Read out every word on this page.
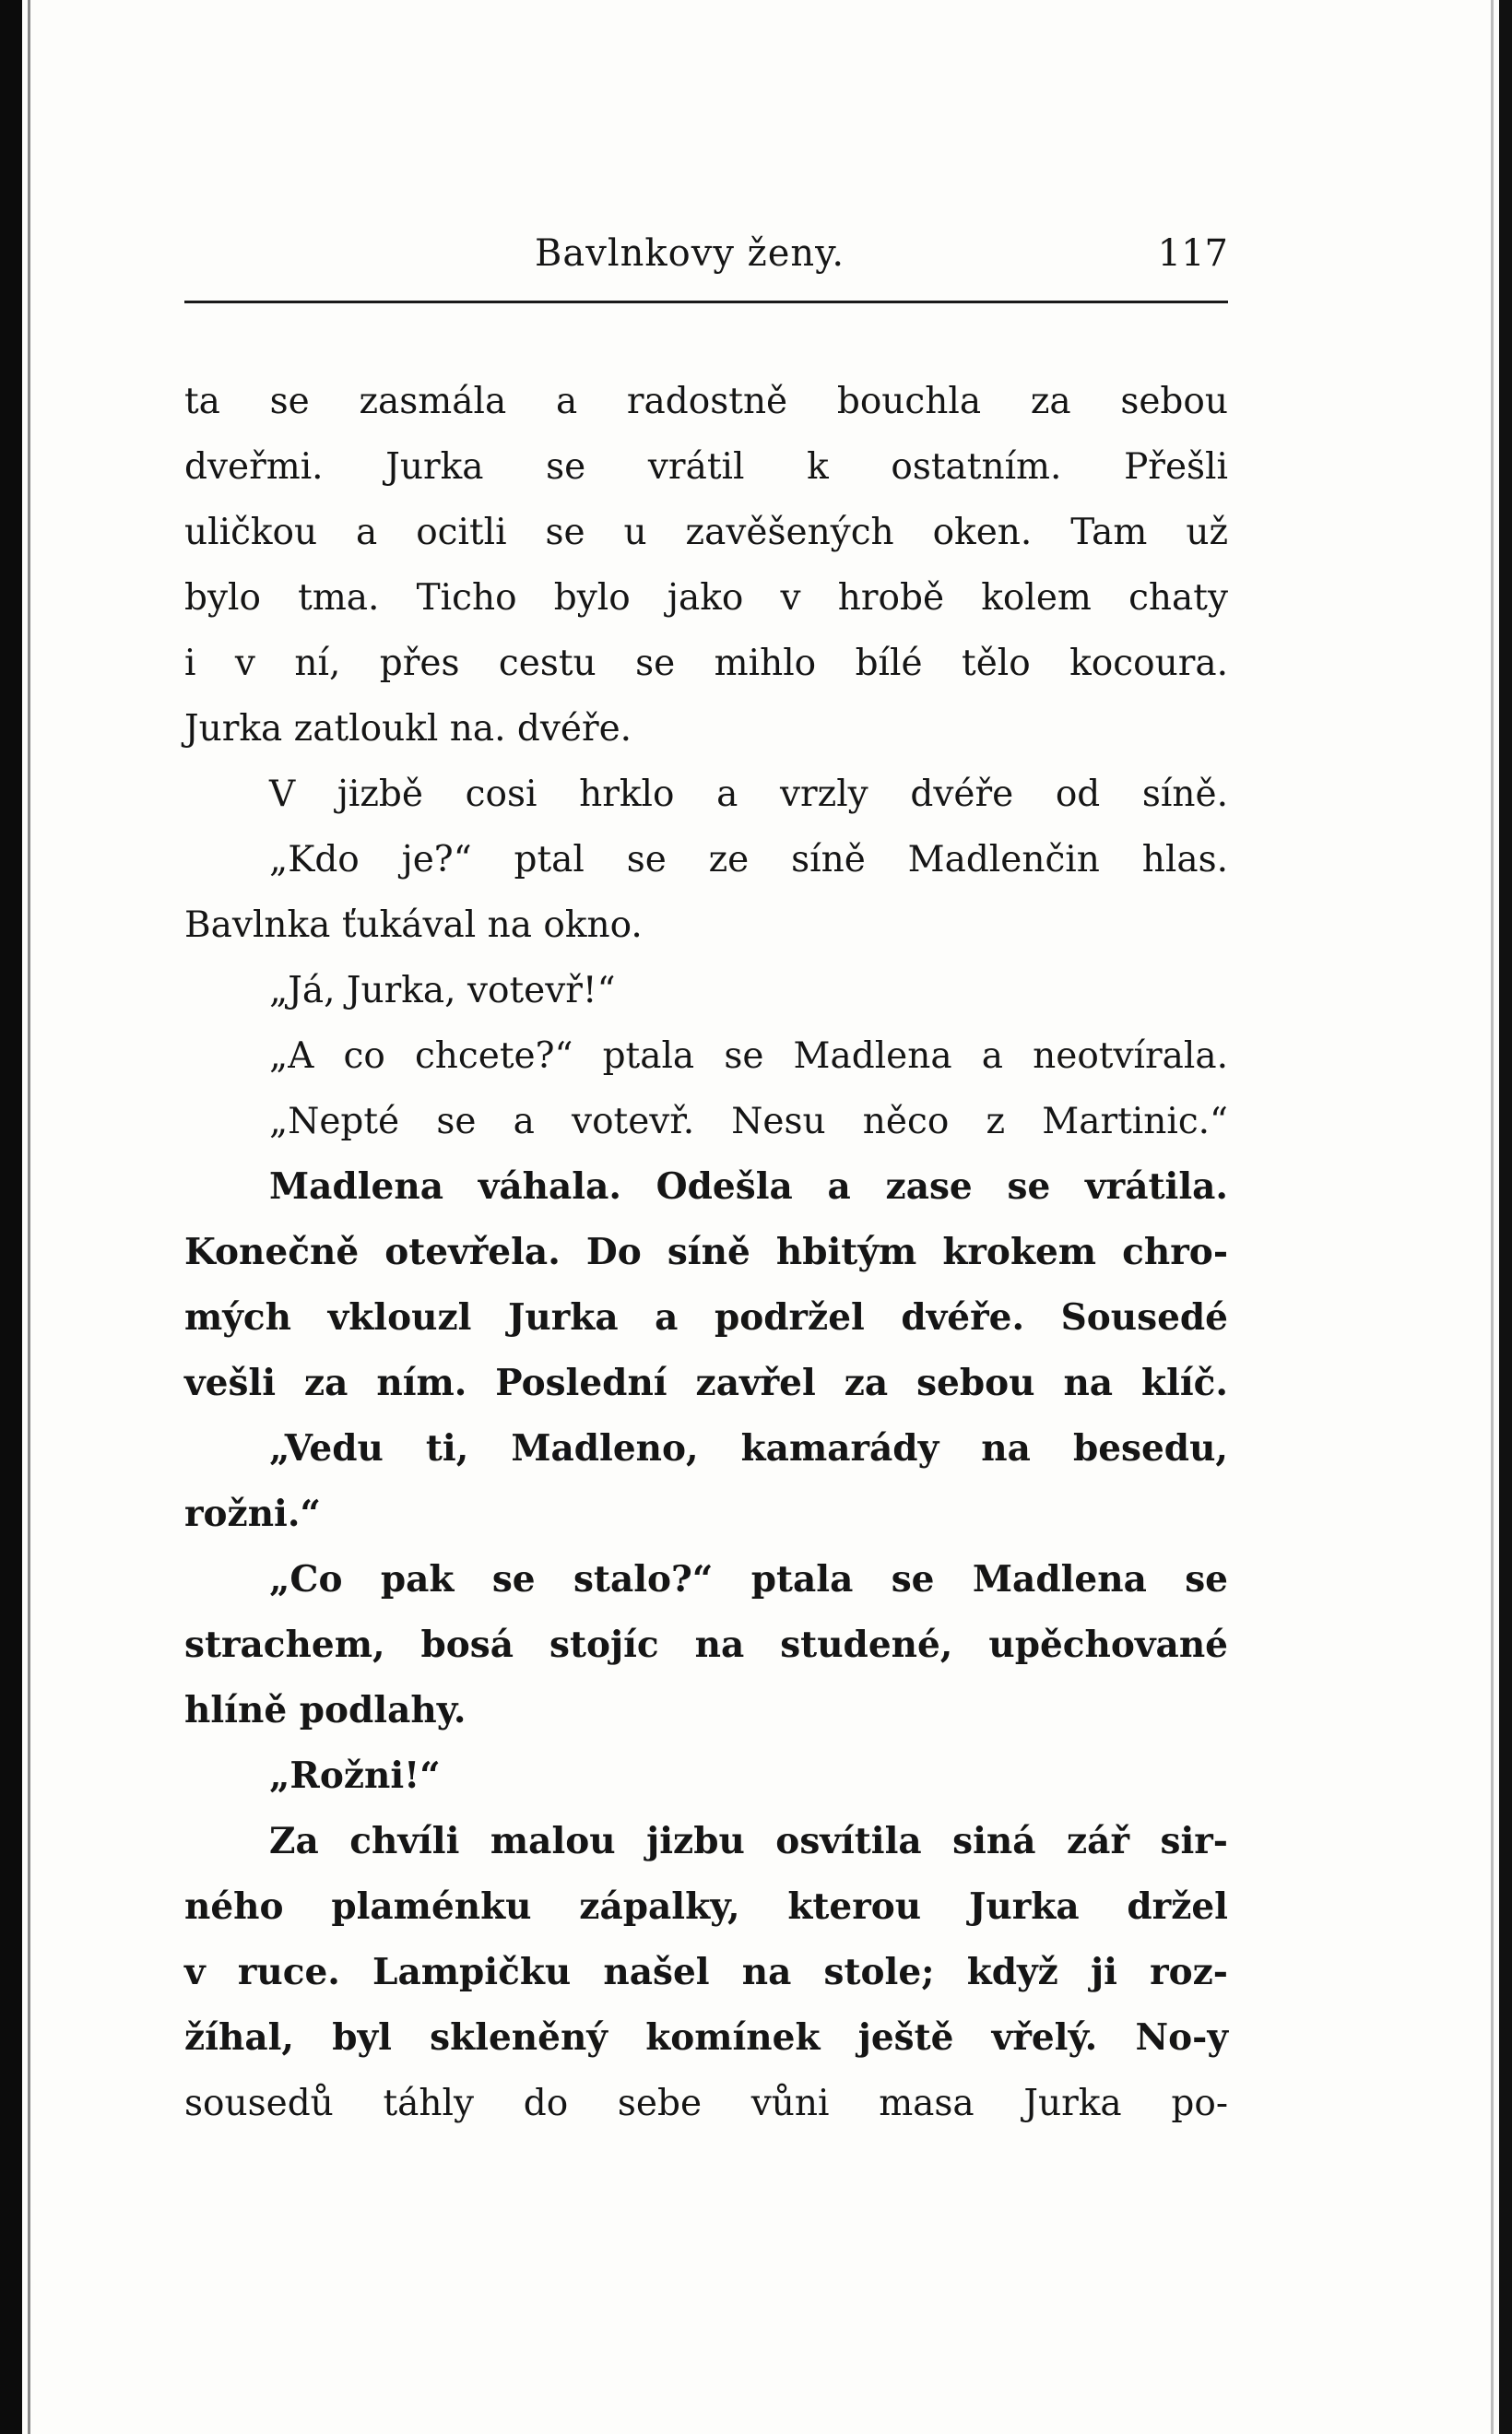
Bavlnkovy ženy.	117
ta se zasmála a radostně bouchla za sebou
dveřmi. Jurka se vrátil k ostatním. Přešli
uličkou a ocitli se u zavěšených oken. Tam už
bylo tma. Ticho bylo jako v hrobě kolem chaty
i v ní, přes cestu se mihlo bílé tělo kocoura.
Jurka zatloukl na. dvéře.
V jizbě cosi hrklo a vrzly dvéře od síně.
„Kdo je?“ ptal se ze síně Madlenčin hlas.
Bavlnka ťukával na okno.
„Já, Jurka, votevř!“
„A co chcete?“ ptala se Madlena a neotvírala.
„Nepté se a votevř. Nesu něco z Martinic.“
Madlena váhala. Odešla a zase se vrátila.
Konečně otevřela. Do síně hbitým krokem chro-
mých vklouzl Jurka a podržel dvéře. Sousedé
vešli za ním. Poslední zavřel za sebou na klíč.
„Vedu ti, Madleno, kamarády na besedu,
rožni.“
„Co pak se stalo?“ ptala se Madlena se
strachem, bosá stojíc na studené, upěchované
hlíně podlahy.
„Rožni!“
Za chvíli malou jizbu osvítila siná zář sir-
ného plaménku zápalky, kterou Jurka držel
v ruce. Lampičku našel na stole; když ji roz-
žíhal, byl skleněný komínek ještě vřelý. No-y
sousedů táhly do sebe vůni masa Jurka po-
